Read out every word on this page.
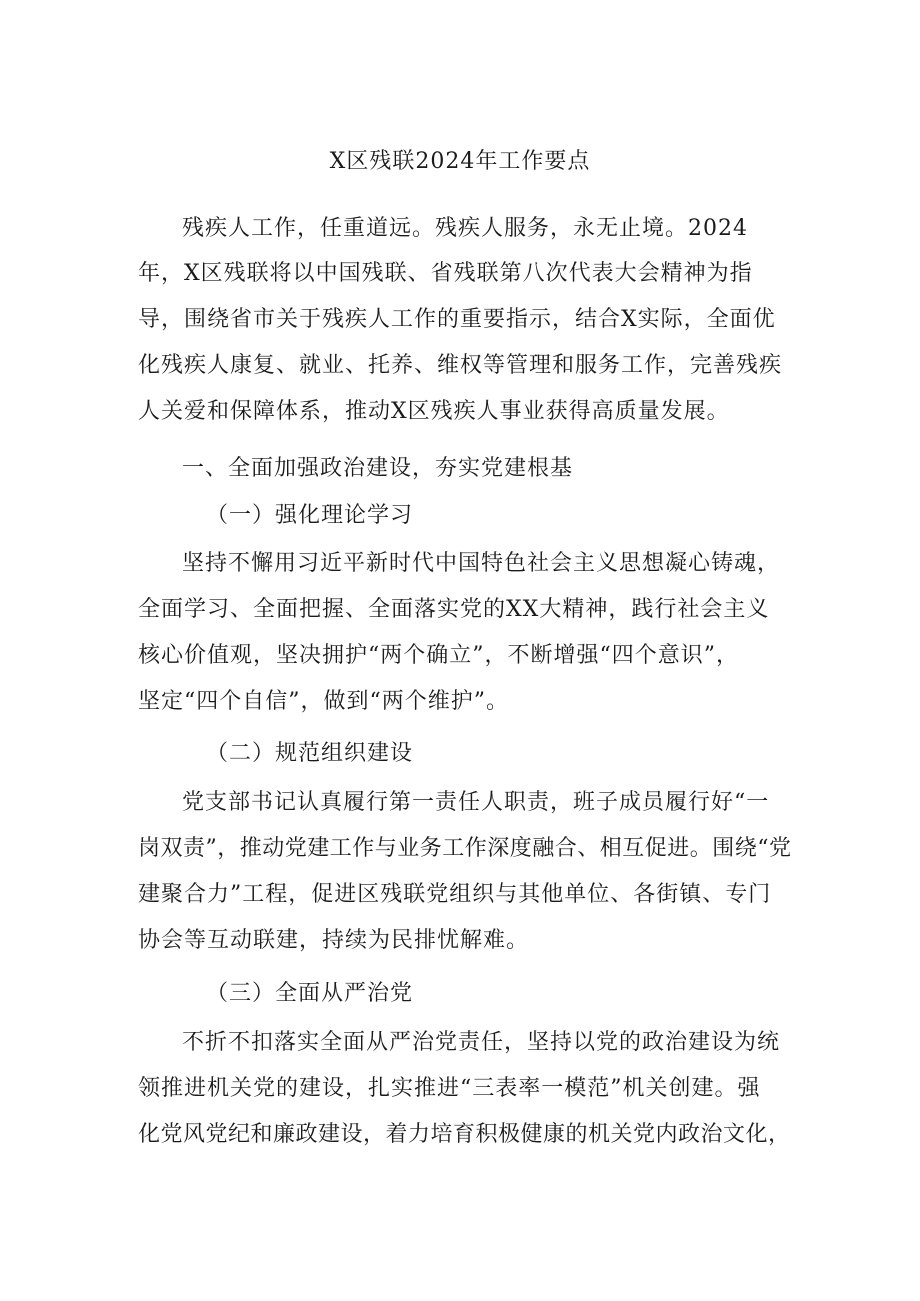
X区残联2024年工作要点
残疾人工作，任重道远。残疾人服务，永无止境。2024
年，X区残联将以中国残联、省残联第八次代表大会精神为指
导，围绕省市关于残疾人工作的重要指示，结合X实际，全面优
化残疾人康复、就业、托养、维权等管理和服务工作，完善残疾
人关爱和保障体系，推动X区残疾人事业获得高质量发展。
一、全面加强政治建设，夯实党建根基
（一）强化理论学习
坚持不懈用习近平新时代中国特色社会主义思想凝心铸魂，
全面学习、全面把握、全面落实党的XX大精神，践行社会主义
核心价值观，坚决拥护“两个确立”，不断增强“四个意识”，
坚定“四个自信”，做到“两个维护”。
（二）规范组织建设
党支部书记认真履行第一责任人职责，班子成员履行好“一
岗双责”，推动党建工作与业务工作深度融合、相互促进。围绕“党
建聚合力”工程，促进区残联党组织与其他单位、各街镇、专门
协会等互动联建，持续为民排忧解难。
（三）全面从严治党
不折不扣落实全面从严治党责任，坚持以党的政治建设为统
领推进机关党的建设，扎实推进“三表率一模范”机关创建。强
化党风党纪和廉政建设，着力培育积极健康的机关党内政治文化，
